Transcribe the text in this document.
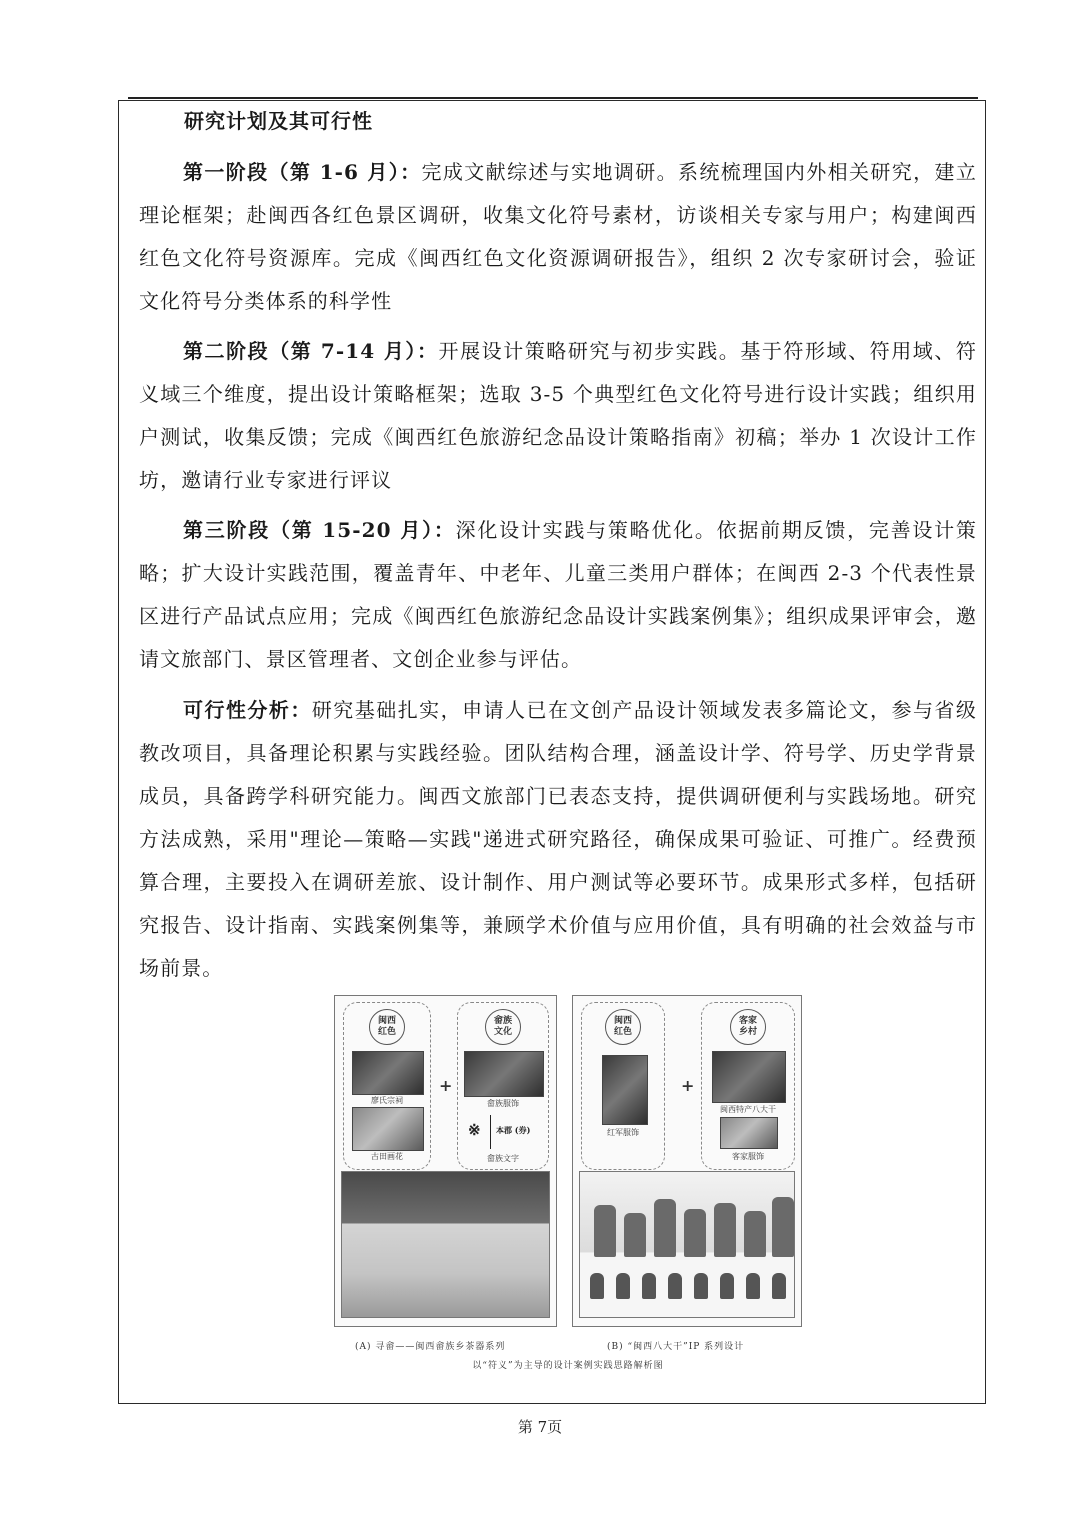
研究计划及其可行性

第一阶段（第 1-6 月）：完成文献综述与实地调研。系统梳理国内外相关研究，建立理论框架；赴闽西各红色景区调研，收集文化符号素材，访谈相关专家与用户；构建闽西红色文化符号资源库。完成《闽西红色文化资源调研报告》，组织 2 次专家研讨会，验证文化符号分类体系的科学性

第二阶段（第 7-14 月）：开展设计策略研究与初步实践。基于符形域、符用域、符义域三个维度，提出设计策略框架；选取 3-5 个典型红色文化符号进行设计实践；组织用户测试，收集反馈；完成《闽西红色旅游纪念品设计策略指南》初稿；举办 1 次设计工作坊，邀请行业专家进行评议

第三阶段（第 15-20 月）：深化设计实践与策略优化。依据前期反馈，完善设计策略；扩大设计实践范围，覆盖青年、中老年、儿童三类用户群体；在闽西 2-3 个代表性景区进行产品试点应用；完成《闽西红色旅游纪念品设计实践案例集》；组织成果评审会，邀请文旅部门、景区管理者、文创企业参与评估。

可行性分析：研究基础扎实，申请人已在文创产品设计领域发表多篇论文，参与省级教改项目，具备理论积累与实践经验。团队结构合理，涵盖设计学、符号学、历史学背景成员，具备跨学科研究能力。闽西文旅部门已表态支持，提供调研便利与实践场地。研究方法成熟，采用"理论—策略—实践"递进式研究路径，确保成果可验证、可推广。经费预算合理，主要投入在调研差旅、设计制作、用户测试等必要环节。成果形式多样，包括研究报告、设计指南、实践案例集等，兼顾学术价值与应用价值，具有明确的社会效益与市场前景。

闽西
红色
廖氏宗祠
古田画花
+
畲族
文化
畲族服饰
※ 本郡 (券)
畲族文字
闽西
红色
红军服饰
+
客家
乡村
闽西特产八大干
客家服饰
(A) 寻畲——闽西畲族乡茶器系列	(B) “闽西八大干”IP 系列设计
以“符义”为主导的设计案例实践思路解析图
第 7页
